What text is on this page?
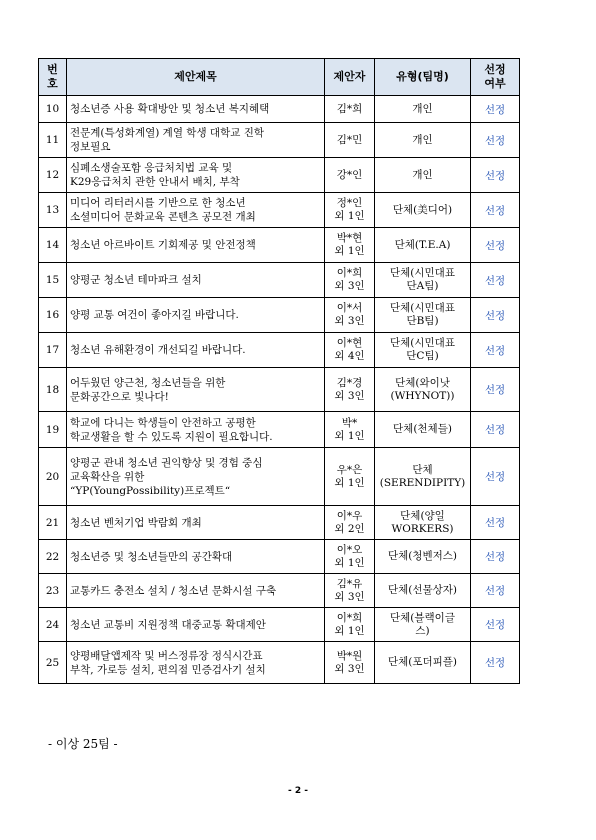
번
호	제안제목	제안자	유형(팀명)	선정
여부
10	청소년증 사용 확대방안 및 청소년 복지혜택	김*희	개인	선정
11	전문계(특성화계열) 계열 학생 대학교 진학
정보필요	김*민	개인	선정
12	심폐소생술포함 응급처치법 교육 및
K29응급처치 관한 안내서 배치, 부착	강*인	개인	선정
13	미디어 리터러시를 기반으로 한 청소년
소셜미디어 문화교육 콘텐츠 공모전 개최	정*인
외 1인	단체(美디어)	선정
14	청소년 아르바이트 기회제공 및 안전정책	박*현
외 1인	단체(T.E.A)	선정
15	양평군 청소년 테마파크 설치	이*희
외 3인	단체(시민대표
단A팀)	선정
16	양평 교통 여건이 좋아지길 바랍니다.	이*서
외 3인	단체(시민대표
단B팀)	선정
17	청소년 유해환경이 개선되길 바랍니다.	이*현
외 4인	단체(시민대표
단C팀)	선정
18	어두웠던 양근천, 청소년들을 위한
문화공간으로 빛나다!	김*경
외 3인	단체(와이낫
(WHYNOT))	선정
19	학교에 다니는 학생들이 안전하고 공평한
학교생활을 할 수 있도록 지원이 필요합니다.	박*
외 1인	단체(천체들)	선정
20	양평군 관내 청소년 권익향상 및 경험 중심
교육확산을 위한
“YP(YoungPossibility)프로젝트“	우*은
외 1인	단체
(SERENDIPITY)	선정
21	청소년 벤처기업 박람회 개최	이*우
외 2인	단체(양일
WORKERS)	선정
22	청소년증 및 청소년들만의 공간확대	이*오
외 1인	단체(청벤저스)	선정
23	교통카드 충전소 설치 / 청소년 문화시설 구축	김*유
외 3인	단체(선물상자)	선정
24	청소년 교통비 지원정책 대중교통 확대제안	이*희
외 1인	단체(블랙이글
스)	선정
25	양평배달앱제작 및 버스정류장 정식시간표
부착, 가로등 설치, 편의점 민증검사기 설치	박*원
외 3인	단체(포더피플)	선정
- 이상 25팀 -
- 2 -
